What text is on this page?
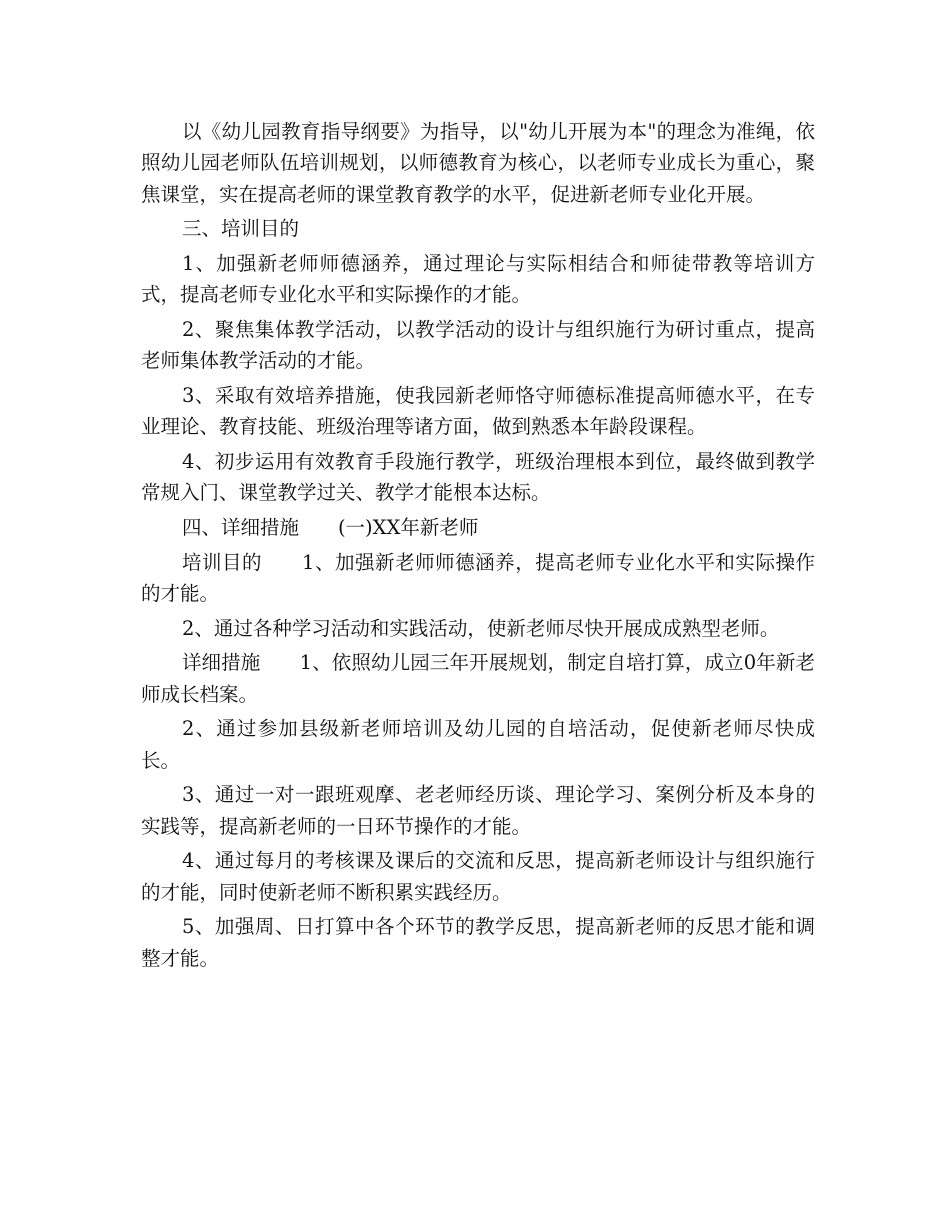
以《幼儿园教育指导纲要》为指导，以"幼儿开展为本"的理念为准绳，依照幼儿园老师队伍培训规划，以师德教育为核心，以老师专业成长为重心，聚焦课堂，实在提高老师的课堂教育教学的水平，促进新老师专业化开展。

三、培训目的

1、加强新老师师德涵养，通过理论与实际相结合和师徒带教等培训方式，提高老师专业化水平和实际操作的才能。

2、聚焦集体教学活动，以教学活动的设计与组织施行为研讨重点，提高老师集体教学活动的才能。

3、采取有效培养措施，使我园新老师恪守师德标准提高师德水平，在专业理论、教育技能、班级治理等诸方面，做到熟悉本年龄段课程。

4、初步运用有效教育手段施行教学，班级治理根本到位，最终做到教学常规入门、课堂教学过关、教学才能根本达标。

四、详细措施　　(一)XX年新老师

培训目的　　1、加强新老师师德涵养，提高老师专业化水平和实际操作的才能。

2、通过各种学习活动和实践活动，使新老师尽快开展成成熟型老师。

详细措施　　1、依照幼儿园三年开展规划，制定自培打算，成立0年新老师成长档案。

2、通过参加县级新老师培训及幼儿园的自培活动，促使新老师尽快成长。

3、通过一对一跟班观摩、老老师经历谈、理论学习、案例分析及本身的实践等，提高新老师的一日环节操作的才能。

4、通过每月的考核课及课后的交流和反思，提高新老师设计与组织施行的才能，同时使新老师不断积累实践经历。

5、加强周、日打算中各个环节的教学反思，提高新老师的反思才能和调整才能。
